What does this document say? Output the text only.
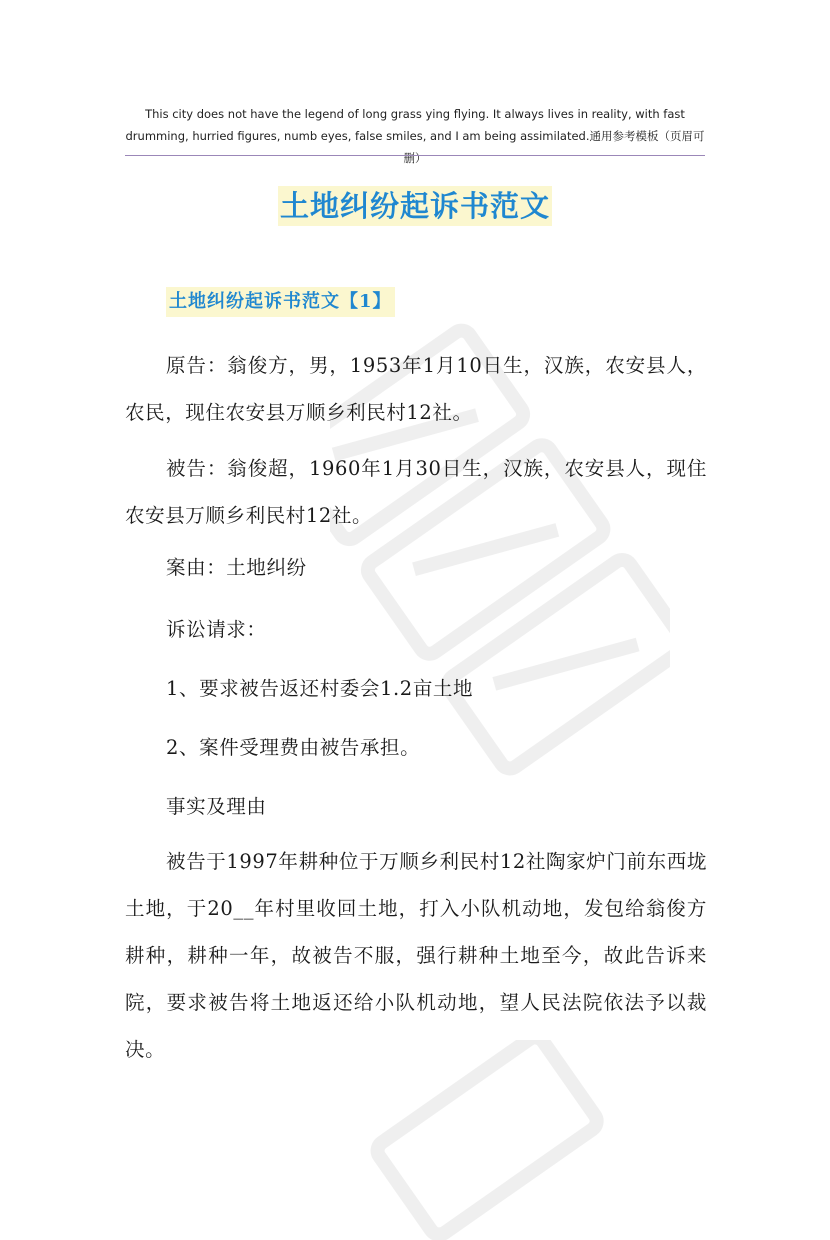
This city does not have the legend of long grass ying flying. It always lives in reality, with fast drumming, hurried figures, numb eyes, false smiles, and I am being assimilated.通用参考模板（页眉可删）
土地纠纷起诉书范文
土地纠纷起诉书范文【1】

原告：翁俊方，男，1953年1月10日生，汉族，农安县人，农民，现住农安县万顺乡利民村12社。

被告：翁俊超，1960年1月30日生，汉族，农安县人，现住农安县万顺乡利民村12社。

案由：土地纠纷

诉讼请求：

1、要求被告返还村委会1.2亩土地

2、案件受理费由被告承担。

事实及理由

被告于1997年耕种位于万顺乡利民村12社陶家炉门前东西垅土地，于20__年村里收回土地，打入小队机动地，发包给翁俊方耕种，耕种一年，故被告不服，强行耕种土地至今，故此告诉来院，要求被告将土地返还给小队机动地，望人民法院依法予以裁决。
